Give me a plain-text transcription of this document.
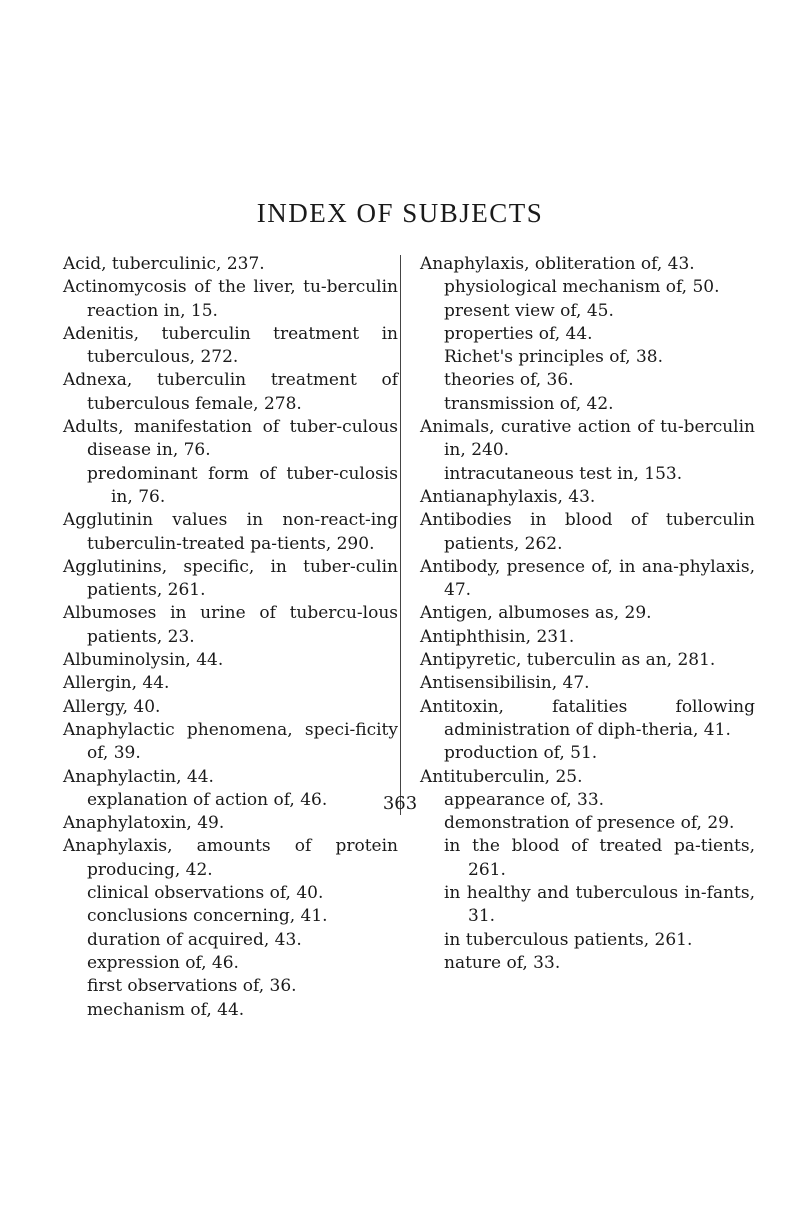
INDEX OF SUBJECTS
Acid, tuberculinic, 237.
Actinomycosis of the liver, tu-berculin reaction in, 15.
Adenitis, tuberculin treatment in tuberculous, 272.
Adnexa, tuberculin treatment of tuberculous female, 278.
Adults, manifestation of tuber-culous disease in, 76.
predominant form of tuber-culosis in, 76.
Agglutinin values in non-react-ing tuberculin-treated pa-tients, 290.
Agglutinins, specific, in tuber-culin patients, 261.
Albumoses in urine of tubercu-lous patients, 23.
Albuminolysin, 44.
Allergin, 44.
Allergy, 40.
Anaphylactic phenomena, speci-ficity of, 39.
Anaphylactin, 44.
explanation of action of, 46.
Anaphylatoxin, 49.
Anaphylaxis, amounts of protein producing, 42.
clinical observations of, 40.
conclusions concerning, 41.
duration of acquired, 43.
expression of, 46.
first observations of, 36.
mechanism of, 44.
Anaphylaxis, obliteration of, 43.
physiological mechanism of, 50.
present view of, 45.
properties of, 44.
Richet's principles of, 38.
theories of, 36.
transmission of, 42.
Animals, curative action of tu-berculin in, 240.
intracutaneous test in, 153.
Antianaphylaxis, 43.
Antibodies in blood of tuberculin patients, 262.
Antibody, presence of, in ana-phylaxis, 47.
Antigen, albumoses as, 29.
Antiphthisin, 231.
Antipyretic, tuberculin as an, 281.
Antisensibilisin, 47.
Antitoxin, fatalities following administration of diph-theria, 41.
production of, 51.
Antituberculin, 25.
appearance of, 33.
demonstration of presence of, 29.
in the blood of treated pa-tients, 261.
in healthy and tuberculous in-fants, 31.
in tuberculous patients, 261.
nature of, 33.
363
